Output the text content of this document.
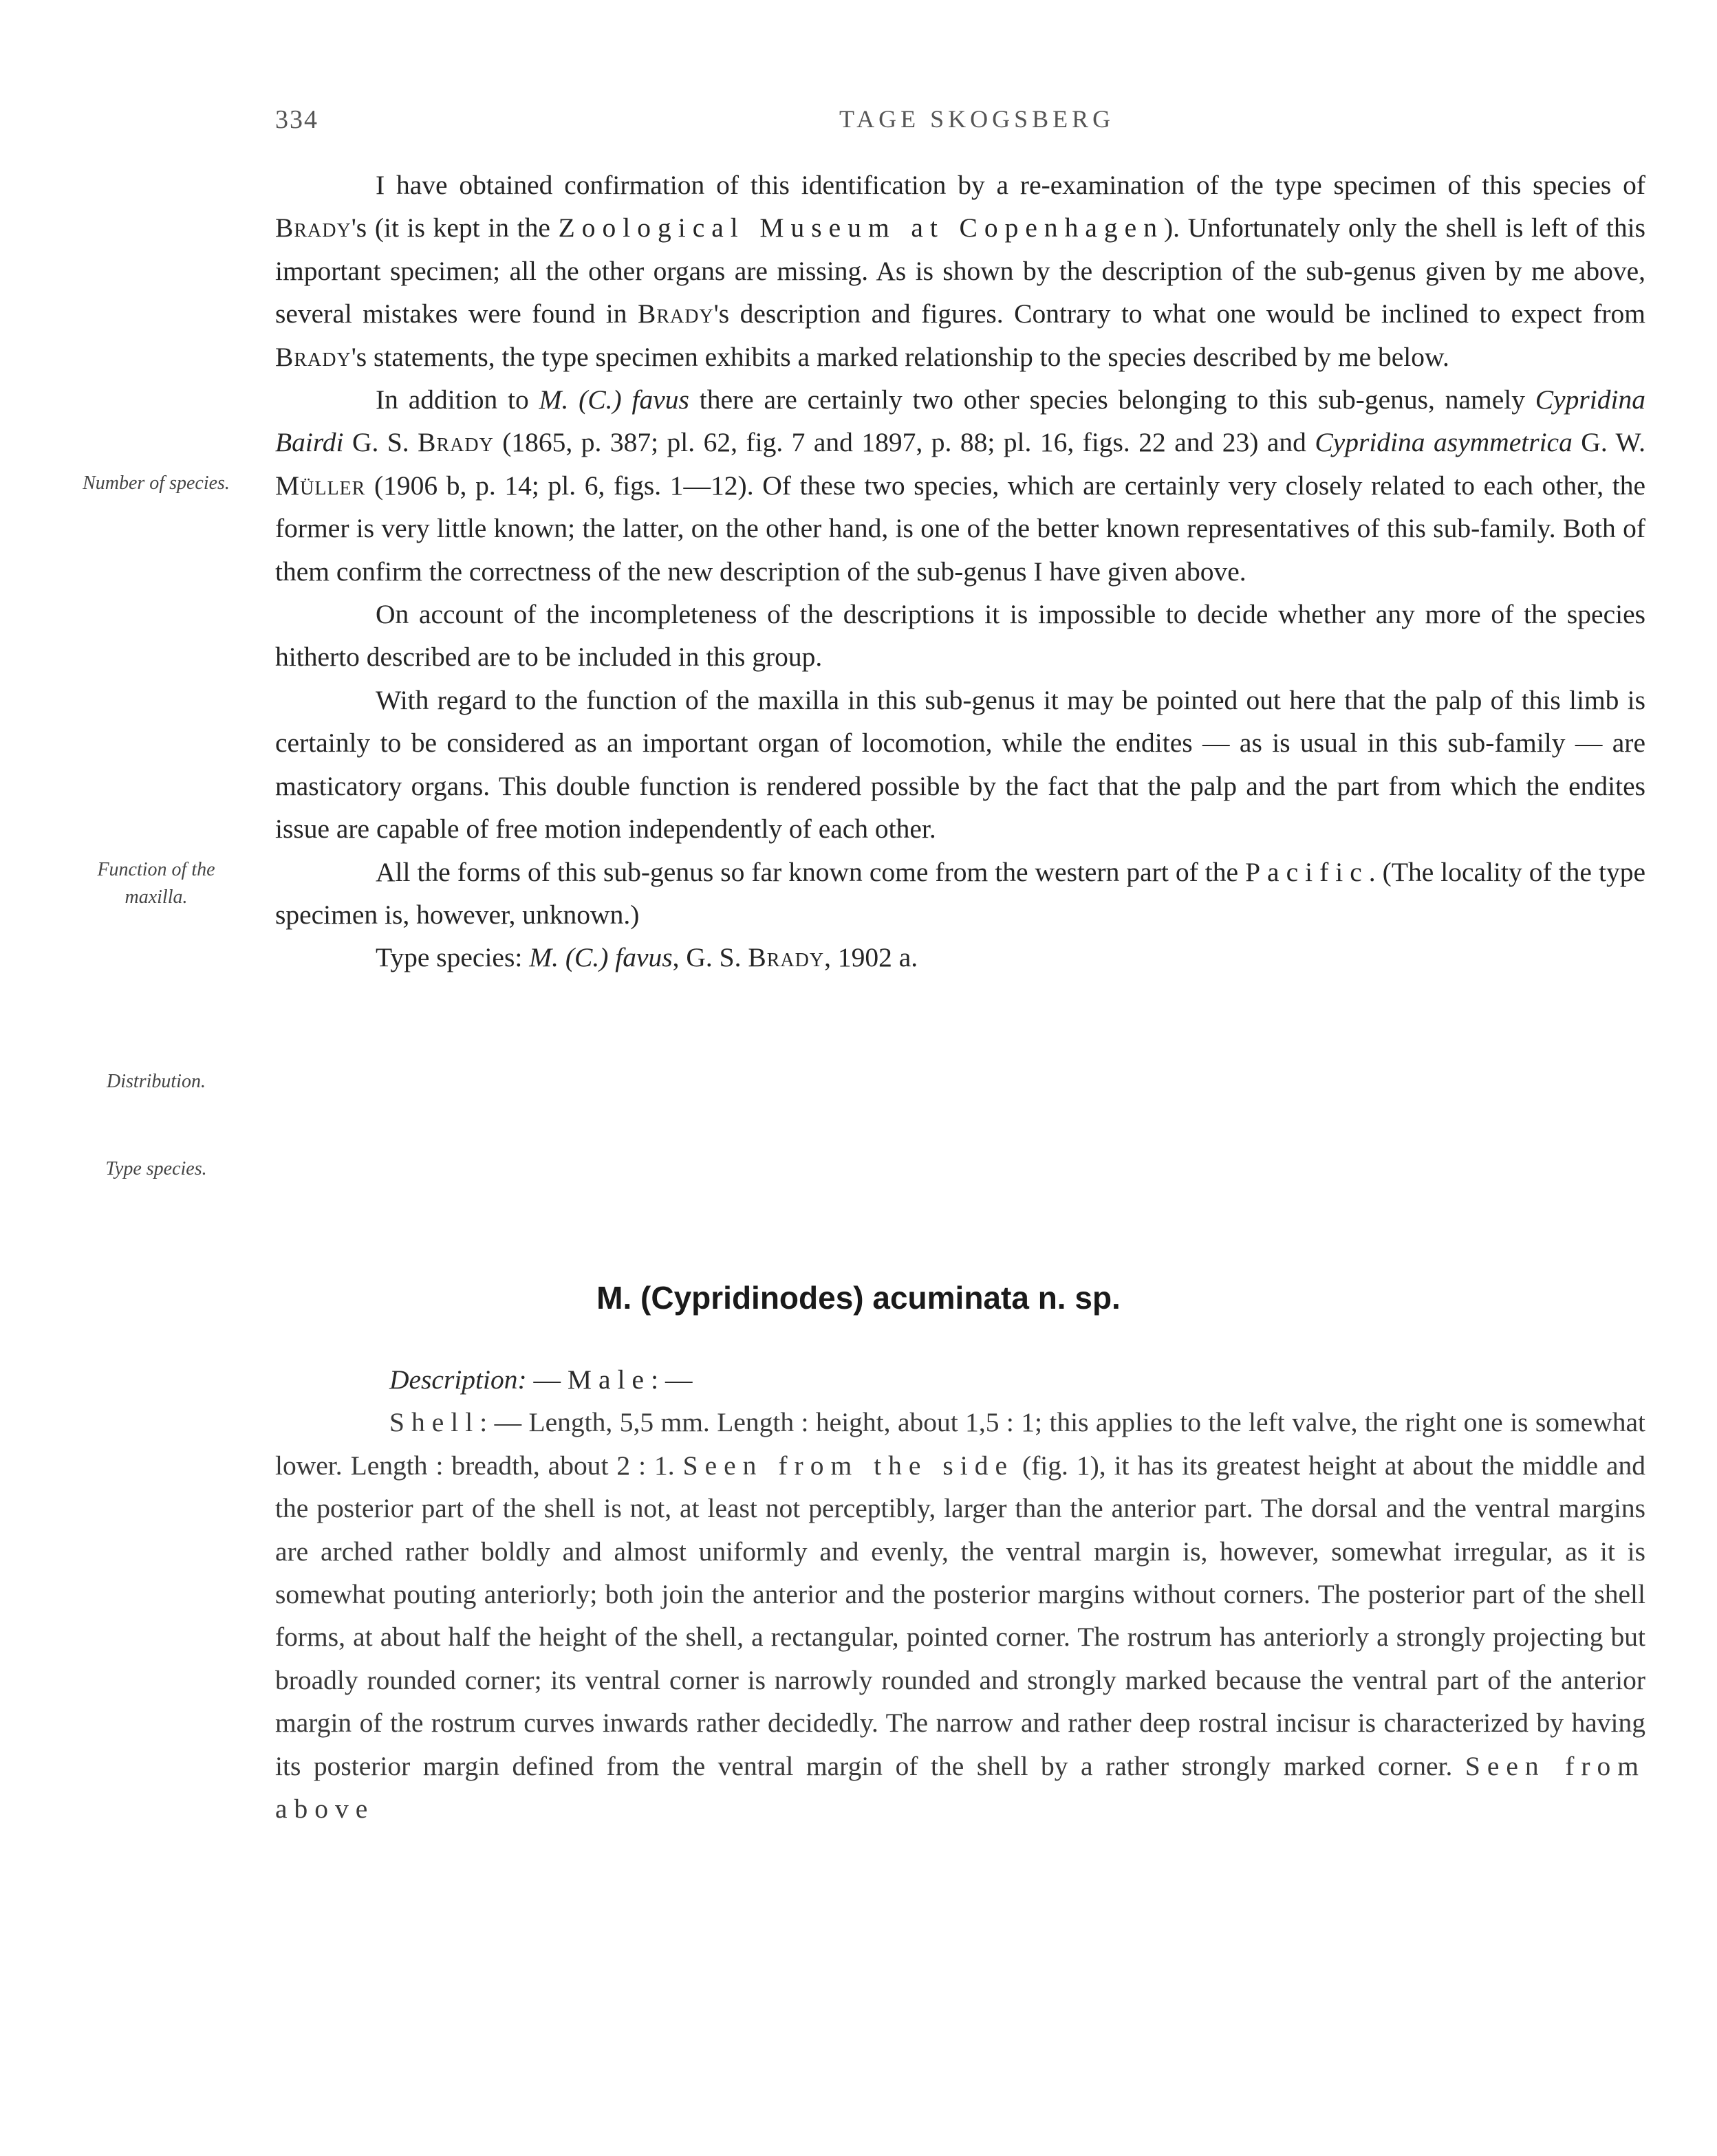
334	TAGE SKOGSBERG
Number of species.
Function of the
maxilla.
Distribution.
Type species.

I have obtained confirmation of this identification by a re-examination of the type specimen of this species of Brady's (it is kept in the Zoological Museum at Copenhagen). Unfortunately only the shell is left of this important specimen; all the other organs are missing. As is shown by the description of the sub-genus given by me above, several mistakes were found in Brady's description and figures. Contrary to what one would be inclined to expect from Brady's statements, the type specimen exhibits a marked relationship to the species described by me below.

In addition to M. (C.) favus there are certainly two other species belonging to this sub-genus, namely Cypridina Bairdi G. S. Brady (1865, p. 387; pl. 62, fig. 7 and 1897, p. 88; pl. 16, figs. 22 and 23) and Cypridina asymmetrica G. W. Müller (1906 b, p. 14; pl. 6, figs. 1—12). Of these two species, which are certainly very closely related to each other, the former is very little known; the latter, on the other hand, is one of the better known representatives of this sub-family. Both of them confirm the correctness of the new description of the sub-genus I have given above.

On account of the incompleteness of the descriptions it is impossible to decide whether any more of the species hitherto described are to be included in this group.

With regard to the function of the maxilla in this sub-genus it may be pointed out here that the palp of this limb is certainly to be considered as an important organ of locomotion, while the endites — as is usual in this sub-family — are masticatory organs. This double function is rendered possible by the fact that the palp and the part from which the endites issue are capable of free motion independently of each other.

All the forms of this sub-genus so far known come from the western part of the Pacific. (The locality of the type specimen is, however, unknown.)

Type species: M. (C.) favus, G. S. Brady, 1902 a.

M. (Cypridinodes) acuminata n. sp.

Description: — Male: —

Shell: — Length, 5,5 mm. Length : height, about 1,5 : 1; this applies to the left valve, the right one is somewhat lower. Length : breadth, about 2 : 1. Seen from the side (fig. 1), it has its greatest height at about the middle and the posterior part of the shell is not, at least not perceptibly, larger than the anterior part. The dorsal and the ventral margins are arched rather boldly and almost uniformly and evenly, the ventral margin is, however, somewhat irregular, as it is somewhat pouting anteriorly; both join the anterior and the posterior margins without corners. The posterior part of the shell forms, at about half the height of the shell, a rectangular, pointed corner. The rostrum has anteriorly a strongly projecting but broadly rounded corner; its ventral corner is narrowly rounded and strongly marked because the ventral part of the anterior margin of the rostrum curves inwards rather decidedly. The narrow and rather deep rostral incisur is characterized by having its posterior margin defined from the ventral margin of the shell by a rather strongly marked corner. Seen from above
